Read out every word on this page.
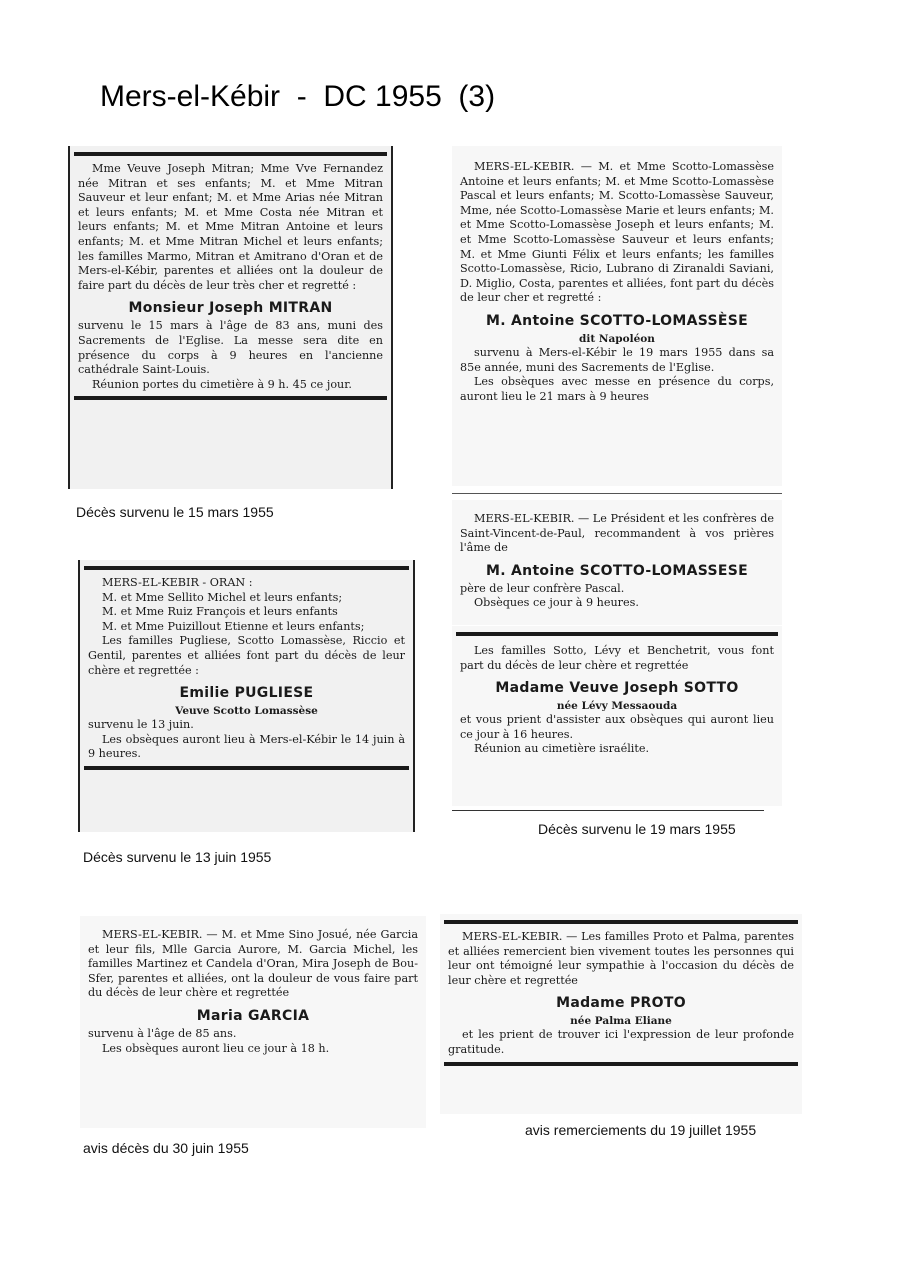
Mers-el-Kébir  -  DC 1955  (3)

Mme Veuve Joseph Mitran; Mme Vve Fernandez née Mitran et ses enfants; M. et Mme Mitran Sauveur et leur enfant; M. et Mme Arias née Mitran et leurs enfants; M. et Mme Costa née Mitran et leurs enfants; M. et Mme Mitran Antoine et leurs enfants; M. et Mme Mitran Michel et leurs enfants; les familles Marmo, Mitran et Amitrano d'Oran et de Mers-el-Kébir, parentes et alliées ont la douleur de faire part du décès de leur très cher et regretté :

Monsieur Joseph MITRAN

survenu le 15 mars à l'âge de 83 ans, muni des Sacrements de l'Eglise. La messe sera dite en présence du corps à 9 heures en l'ancienne cathédrale Saint-Louis.

Réunion portes du cimetière à 9 h. 45 ce jour.

Décès survenu le 15 mars 1955

MERS-EL-KEBIR. — M. et Mme Scotto-Lomassèse Antoine et leurs enfants; M. et Mme Scotto-Lomassèse Pascal et leurs enfants; M. Scotto-Lomassèse Sauveur, Mme, née Scotto-Lomassèse Marie et leurs enfants; M. et Mme Scotto-Lomassèse Joseph et leurs enfants; M. et Mme Scotto-Lomassèse Sauveur et leurs enfants; M. et Mme Giunti Félix et leurs enfants; les familles Scotto-Lomassèse, Ricio, Lubrano di Ziranaldi Saviani, D. Miglio, Costa, parentes et alliées, font part du décès de leur cher et regretté :

M. Antoine SCOTTO-LOMASSÈSE
dit Napoléon

survenu à Mers-el-Kébir le 19 mars 1955 dans sa 85e année, muni des Sacrements de l'Eglise.

Les obsèques avec messe en présence du corps, auront lieu le 21 mars à 9 heures

MERS-EL-KEBIR. — Le Président et les confrères de Saint-Vincent-de-Paul, recommandent à vos prières l'âme de

M. Antoine SCOTTO-LOMASSESE

père de leur confrère Pascal.

Obsèques ce jour à 9 heures.

Les familles Sotto, Lévy et Benchetrit, vous font part du décès de leur chère et regrettée

Madame Veuve Joseph SOTTO
née Lévy Messaouda

et vous prient d'assister aux obsèques qui auront lieu ce jour à 16 heures.

Réunion au cimetière israélite.

Décès survenu le 19 mars 1955

MERS-EL-KEBIR - ORAN :

M. et Mme Sellito Michel et leurs enfants;

M. et Mme Ruiz François et leurs enfants

M. et Mme Puizillout Etienne et leurs enfants;

Les familles Pugliese, Scotto Lomassèse, Riccio et Gentil, parentes et alliées font part du décès de leur chère et regrettée :

Emilie PUGLIESE
Veuve Scotto Lomassèse

survenu le 13 juin.

Les obsèques auront lieu à Mers-el-Kébir le 14 juin à 9 heures.

Décès survenu le 13 juin 1955

MERS-EL-KEBIR. — M. et Mme Sino Josué, née Garcia et leur fils, Mlle Garcia Aurore, M. Garcia Michel, les familles Martinez et Candela d'Oran, Mira Joseph de Bou-Sfer, parentes et alliées, ont la douleur de vous faire part du décès de leur chère et regrettée

Maria GARCIA

survenu à l'âge de 85 ans.

Les obsèques auront lieu ce jour à 18 h.

avis décès du 30 juin 1955

MERS-EL-KEBIR. — Les familles Proto et Palma, parentes et alliées remercient bien vivement toutes les personnes qui leur ont témoigné leur sympathie à l'occasion du décès de leur chère et regrettée

Madame PROTO
née Palma Eliane

et les prient de trouver ici l'expression de leur profonde gratitude.

avis remerciements du 19 juillet 1955
